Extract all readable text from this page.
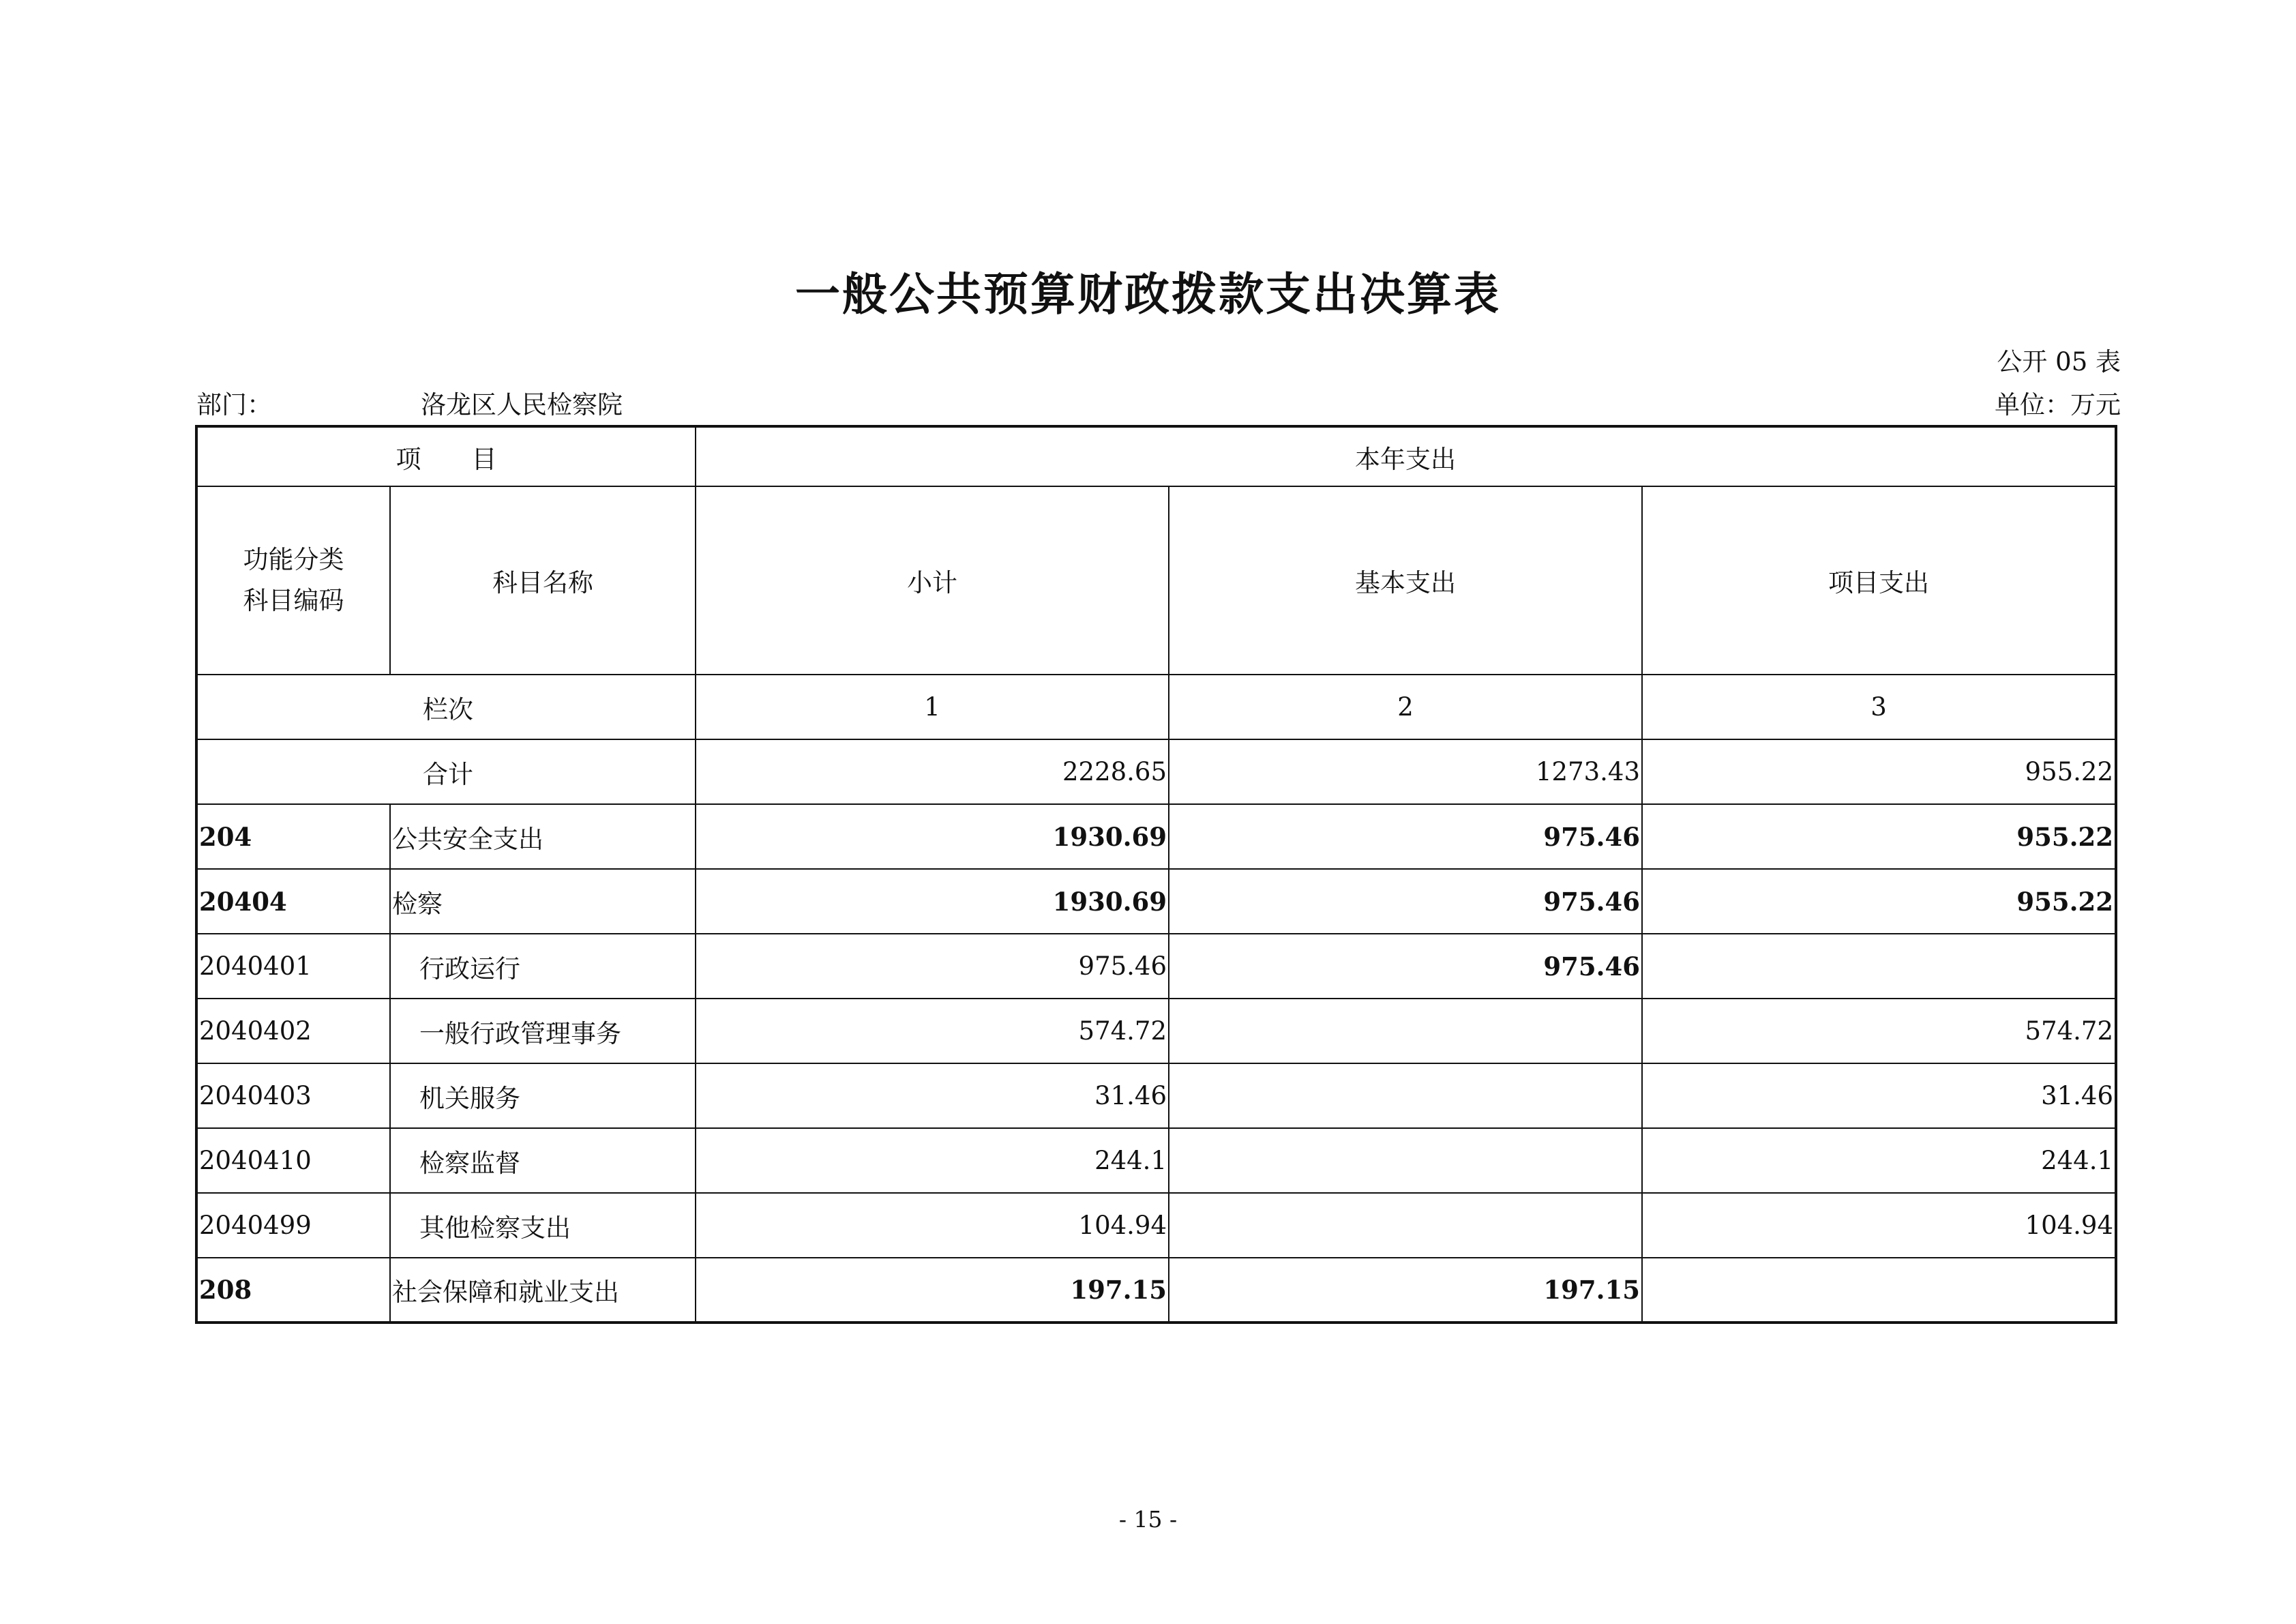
一般公共预算财政拨款支出决算表
公开 05 表
部门：	洛龙区人民检察院	单位：万元
项　　目		本年支出		

功能分类
科目编码	科目名称	小计	基本支出	项目支出
栏次		1	2	3
合计		2228.65	1273.43	955.22
204	公共安全支出	1930.69	975.46	955.22
20404	检察	1930.69	975.46	955.22
2040401	行政运行	975.46	975.46	
2040402	一般行政管理事务	574.72		574.72
2040403	机关服务	31.46		31.46
2040410	检察监督	244.1		244.1
2040499	其他检察支出	104.94		104.94
208	社会保障和就业支出	197.15	197.15	
- 15 -
